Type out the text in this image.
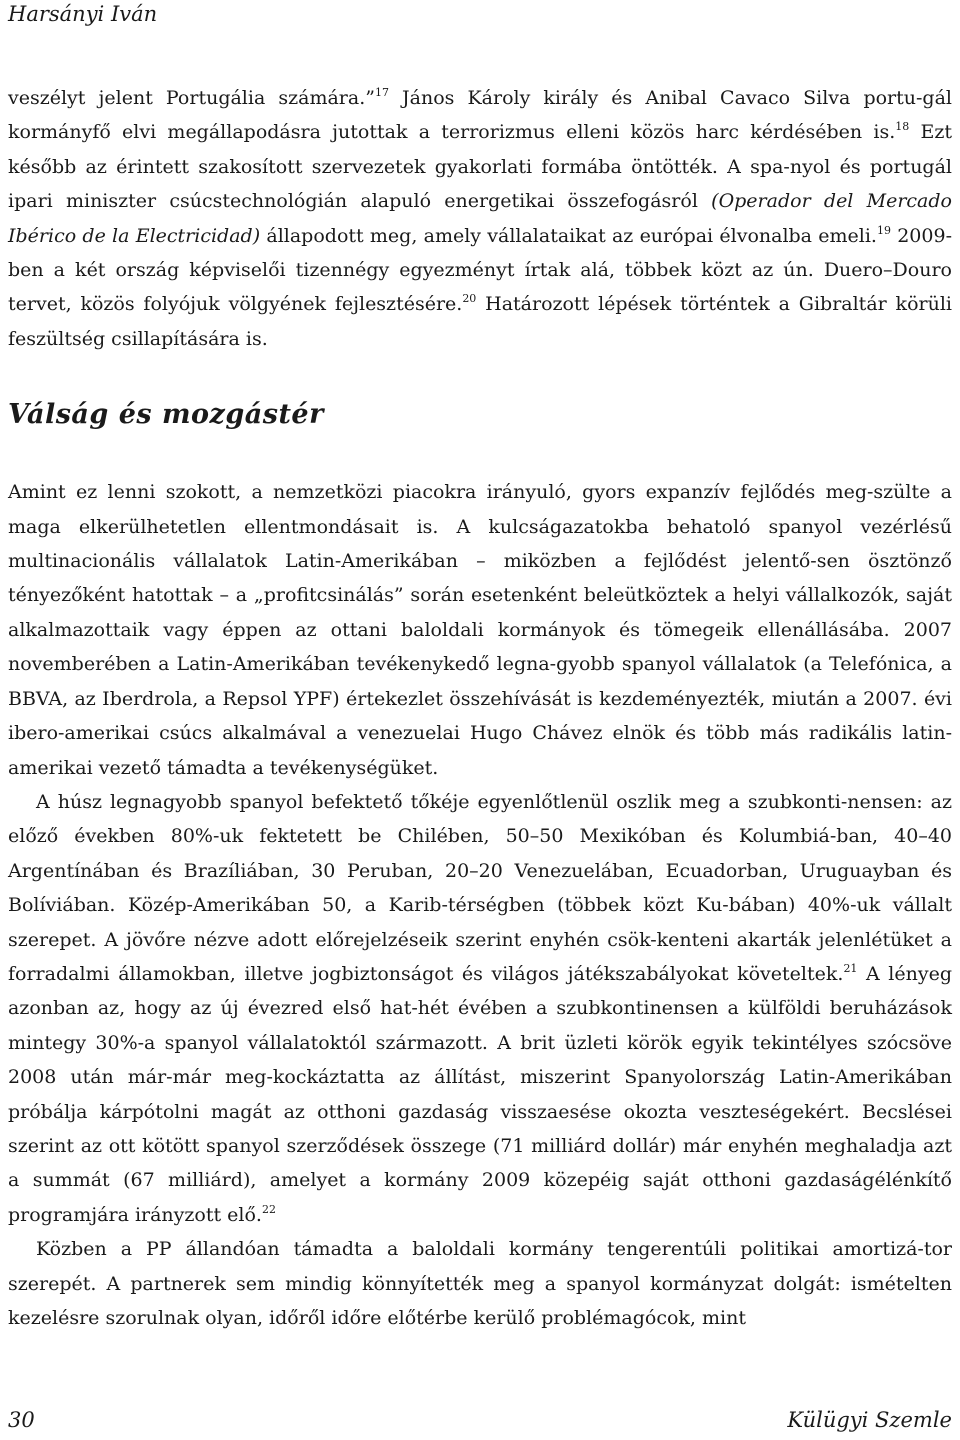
Harsányi Iván

veszélyt jelent Portugália számára.”$^{17}$ János Károly király és Anibal Cavaco Silva portu-gál kormányfő elvi megállapodásra jutottak a terrorizmus elleni közös harc kérdésében is.$^{18}$ Ezt később az érintett szakosított szervezetek gyakorlati formába öntötték. A spa-nyol és portugál ipari miniszter csúcstechnológián alapuló energetikai összefogásról (Operador del Mercado Ibérico de la Electricidad) állapodott meg, amely vállalataikat az európai élvonalba emeli.$^{19}$ 2009-ben a két ország képviselői tizennégy egyezményt írtak alá, többek közt az ún. Duero–Douro tervet, közös folyójuk völgyének fejlesztésére.$^{20}$ Határozott lépések történtek a Gibraltár körüli feszültség csillapítására is.

Válság és mozgástér

Amint ez lenni szokott, a nemzetközi piacokra irányuló, gyors expanzív fejlődés meg-szülte a maga elkerülhetetlen ellentmondásait is. A kulcságazatokba behatoló spanyol vezérlésű multinacionális vállalatok Latin-Amerikában – miközben a fejlődést jelentő-sen ösztönző tényezőként hatottak – a „profitcsinálás” során esetenként beleütköztek a helyi vállalkozók, saját alkalmazottaik vagy éppen az ottani baloldali kormányok és tömegeik ellenállásába. 2007 novemberében a Latin-Amerikában tevékenykedő legna-gyobb spanyol vállalatok (a Telefónica, a BBVA, az Iberdrola, a Repsol YPF) értekezlet összehívását is kezdeményezték, miután a 2007. évi ibero-amerikai csúcs alkalmával a venezuelai Hugo Chávez elnök és több más radikális latin-amerikai vezető támadta a tevékenységüket.

A húsz legnagyobb spanyol befektető tőkéje egyenlőtlenül oszlik meg a szubkonti-nensen: az előző években 80%-uk fektetett be Chilében, 50–50 Mexikóban és Kolumbiá-ban, 40–40 Argentínában és Brazíliában, 30 Peruban, 20–20 Venezuelában, Ecuadorban, Uruguayban és Bolíviában. Közép-Amerikában 50, a Karib-térségben (többek közt Ku-bában) 40%-uk vállalt szerepet. A jövőre nézve adott előrejelzéseik szerint enyhén csök-kenteni akarták jelenlétüket a forradalmi államokban, illetve jogbiztonságot és világos játékszabályokat követeltek.$^{21}$ A lényeg azonban az, hogy az új évezred első hat-hét évében a szubkontinensen a külföldi beruházások mintegy 30%-a spanyol vállalatoktól származott. A brit üzleti körök egyik tekintélyes szócsöve 2008 után már-már meg-kockáztatta az állítást, miszerint Spanyolország Latin-Amerikában próbálja kárpótolni magát az otthoni gazdaság visszaesése okozta veszteségekért. Becslései szerint az ott kötött spanyol szerződések összege (71 milliárd dollár) már enyhén meghaladja azt a summát (67 milliárd), amelyet a kormány 2009 közepéig saját otthoni gazdaságélénkítő programjára irányzott elő.$^{22}$

Közben a PP állandóan támadta a baloldali kormány tengerentúli politikai amortizá-tor szerepét. A partnerek sem mindig könnyítették meg a spanyol kormányzat dolgát: ismételten kezelésre szorulnak olyan, időről időre előtérbe kerülő problémagócok, mint

30	Külügyi Szemle
